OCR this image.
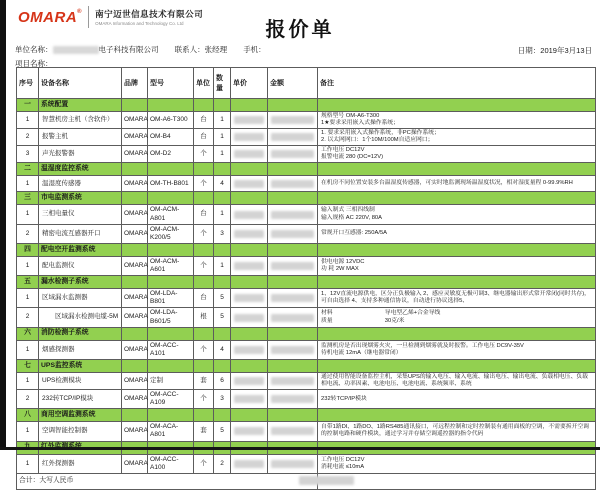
OMARA® 南宁迈世信息技术有限公司
OMARA Information and Technology Co. Ltd	报价单
日期：2019年3月13日
单位名称：	电子科技有限公司 联系人：张经理 手机：
项目名称：
序号	设备名称	品牌	型号	单位	数量	单价	金额	备注
一	系统配置							
1	智慧机房主机（含软件）	OMARA	OM-A6-T300	台	1			规格型号 OM-A6-T300
1★要求采用嵌入式操作系统；

2	报警主机	OMARA	OM-B4	台	1			1. 要求采用嵌入式操作系统，非PC操作系统；
2. 以太网网口：1个10M/100M自适应网口；

3	声光报警器	OMARA	OM-D2	个	1			工作电压 DC12V
报警电流 280 (DC=12V)

二	温湿度监控系统							
1	温湿度传感器	OMARA	OM-TH-B801	个	4			在机房不同位置安装多台温湿度传感器，可实时地监测现场温湿度状况，相对湿度量程 0-99.9%RH

三	市电监测系统							
1	三相电量仪	OMARA	OM-ACM-A801	台	1			输入制式 三相四线制
输入规格 AC 220V, 80A

2	精密电流互感器开口	OMARA	OM-ACM-K200/5	个	3			常规开口互感器: 250A/5A

四	配电空开监测系统							
1	配电监测仪	OMARA	OM-ACM-A601	个	1			供电电源 12VDC
功 耗 2W MAX

五	漏水检测子系统							
1	区域漏水监测器	OMARA	OM-LDA-B801	台	5			1、12V直流电源供电，区分正负极输入 2、感应灵敏度无极可调3、继电器输出形式常开常闭(同时共存)，可自由选择 4、支持多种通信协议，自动进行协议选择5、

2	区域漏水检测电缆-5M	OMARA	OM-LDA-B601/5	根	5			材料　　　　　　　　　导电型乙烯+合金导线
质量　　　　　　　　　30克/米

六	消防检测子系统							
1	烟感探测器	OMARA	OM-ACC-A101	个	4			监测机房是否出现烟雾火灾，一旦检测到烟雾就及时报警。工作电压 DC9V-35V
待机电流 12mA（继电器常闭）

七	UPS监控系统							
1	UPS检测模块	OMARA	定制	套	6			通过使用智能设备监控主机，采集UPS的输入电压、输入电流、输出电压、输出电流、负载相电压、负载相电流、功率因素、电池电压、电池电流、系统频率、系统

2	232转TCP/IP模块	OMARA	OM-ACC-A109	个	3			232转TCP/IP模块

八	商用空调监测系统							
1	空调智能控制器	OMARA	OM-ACA-A801	套	5			自带1路DI、1路DO、1路RS485通讯接口，可远程控制和定时控制装有通用面板的空调，不需要拆开空调的控制电路和硬件模块，通过学习并存储空调遥控器的指令代码

1	红外探测器	OMARA	OM-ACC-A100	个	2			工作电压 DC12V
消耗电流 ≤10mA

合计：大写人民币							
